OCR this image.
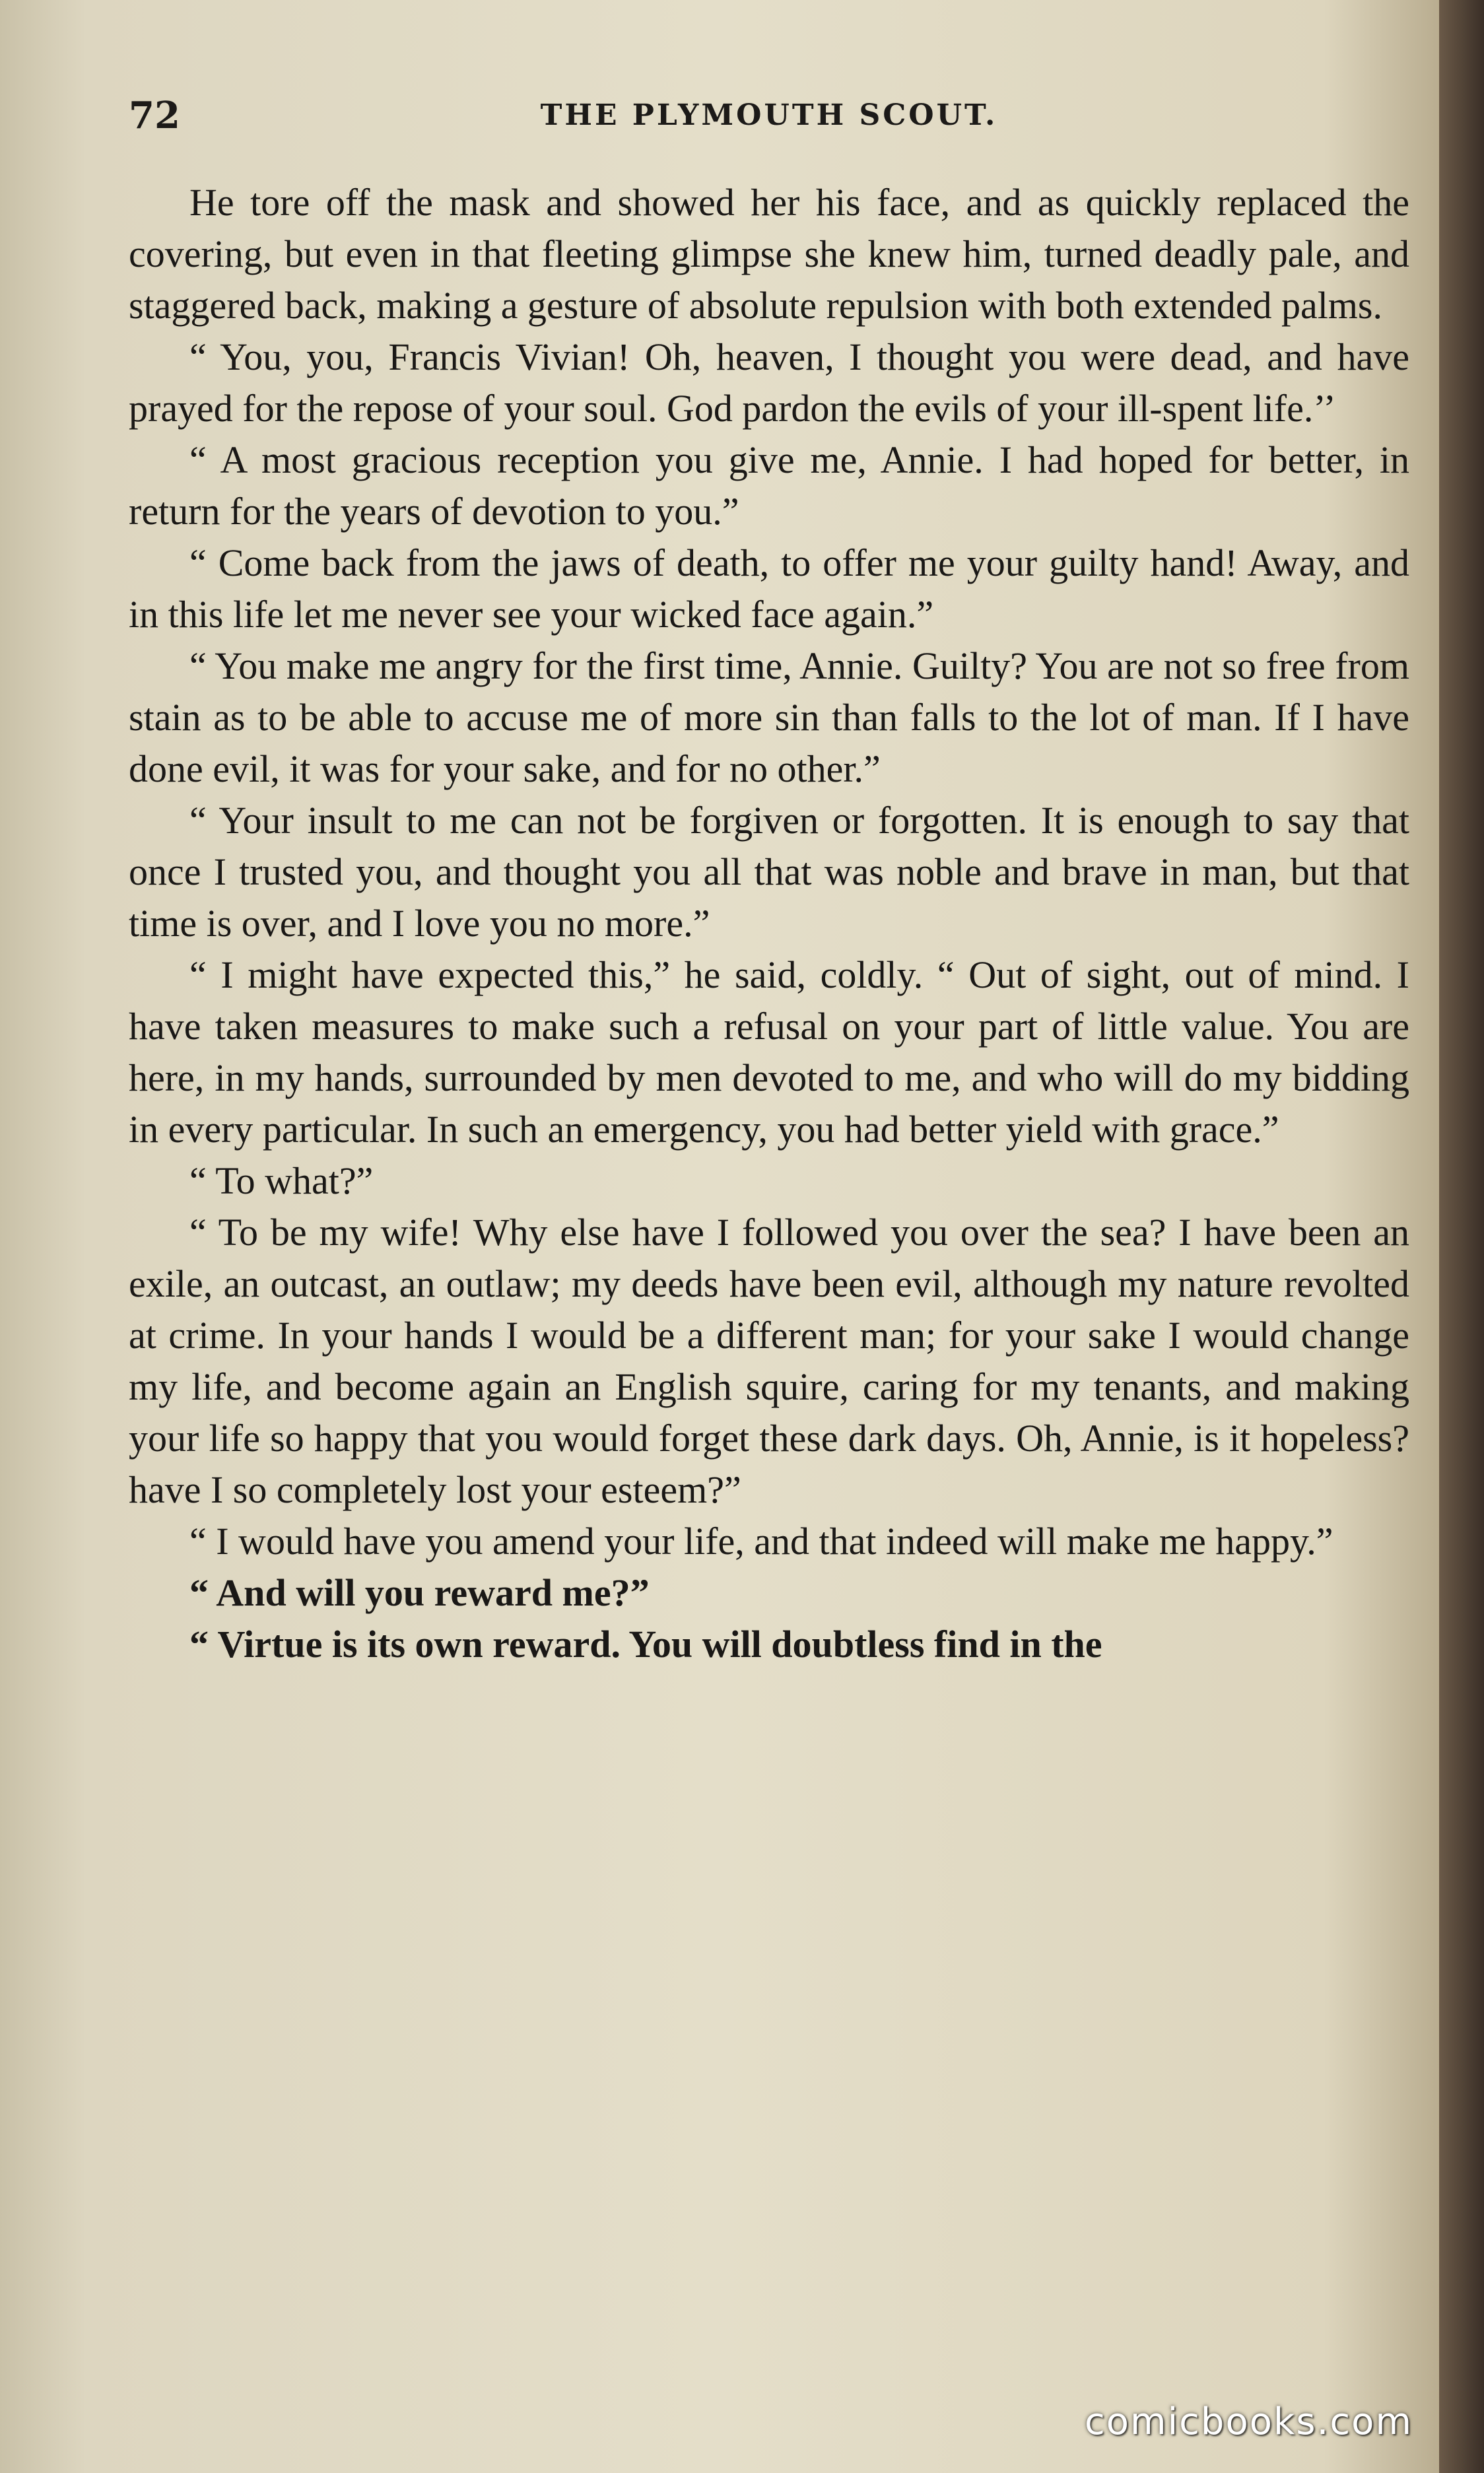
72	THE PLYMOUTH SCOUT.

He tore off the mask and showed her his face, and as quickly replaced the covering, but even in that fleeting glimpse she knew him, turned deadly pale, and staggered back, making a gesture of absolute repulsion with both extended palms.

“ You, you, Francis Vivian! Oh, heaven, I thought you were dead, and have prayed for the repose of your soul. God pardon the evils of your ill-spent life.’’

“ A most gracious reception you give me, Annie. I had hoped for better, in return for the years of devotion to you.”

“ Come back from the jaws of death, to offer me your guilty hand! Away, and in this life let me never see your wicked face again.”

“ You make me angry for the first time, Annie. Guilty? You are not so free from stain as to be able to accuse me of more sin than falls to the lot of man. If I have done evil, it was for your sake, and for no other.”

“ Your insult to me can not be forgiven or forgotten. It is enough to say that once I trusted you, and thought you all that was noble and brave in man, but that time is over, and I love you no more.”

“ I might have expected this,” he said, coldly. “ Out of sight, out of mind. I have taken measures to make such a refusal on your part of little value. You are here, in my hands, surrounded by men devoted to me, and who will do my bidding in every particular. In such an emergency, you had better yield with grace.”

“ To what?”

“ To be my wife! Why else have I followed you over the sea? I have been an exile, an outcast, an outlaw; my deeds have been evil, although my nature revolted at crime. In your hands I would be a different man; for your sake I would change my life, and become again an English squire, caring for my tenants, and making your life so happy that you would forget these dark days. Oh, Annie, is it hopeless? have I so completely lost your esteem?”

“ I would have you amend your life, and that indeed will make me happy.”

“ And will you reward me?”

“ Virtue is its own reward. You will doubtless find in the

comicbooks.com
